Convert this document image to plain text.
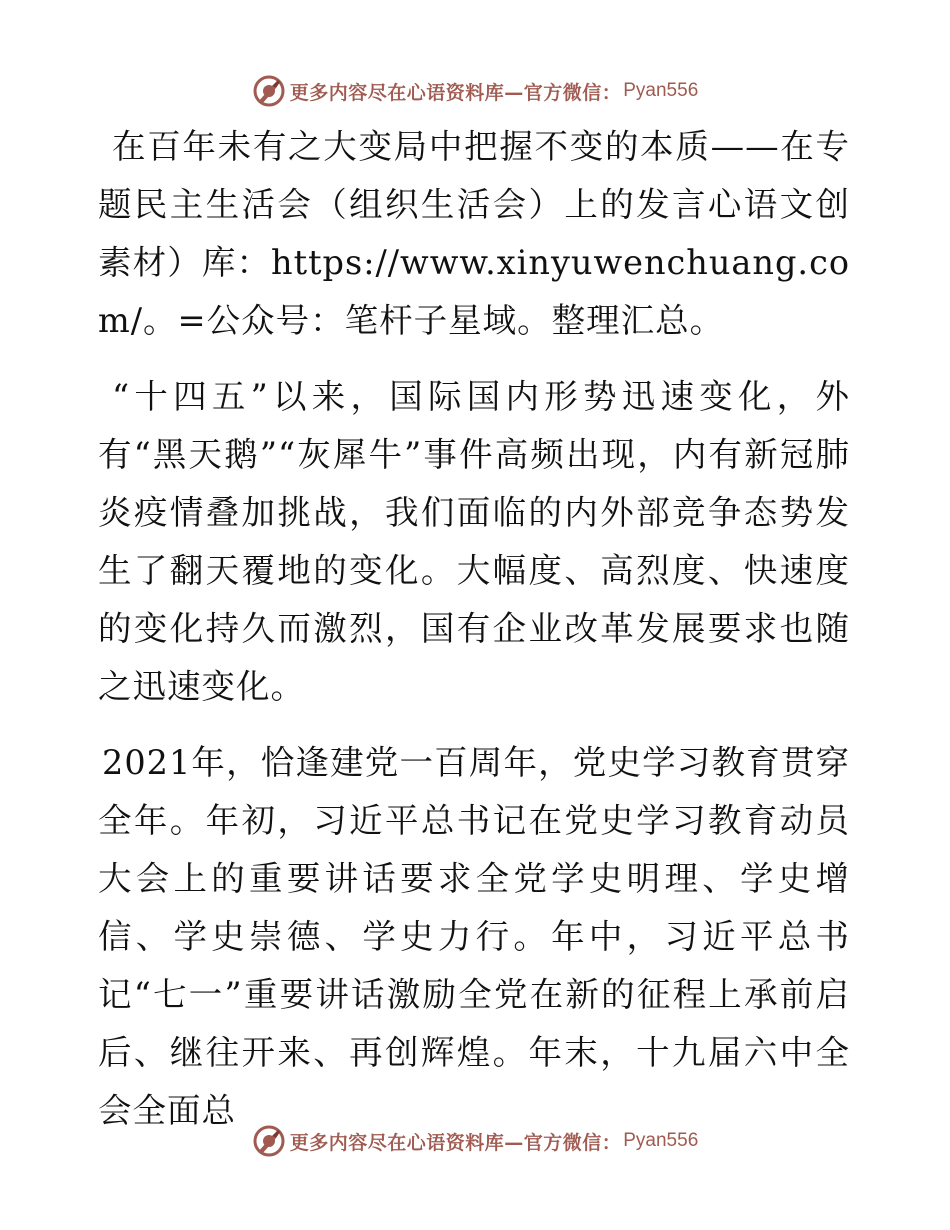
更多内容尽在心语资料库—官方微信： Pyan556

在百年未有之大变局中把握不变的本质——在专题民主生活会（组织生活会）上的发言心语文创素材）库：https://www.xinyuwenchuang.com/。=公众号：笔杆子星域。整理汇总。

“十四五”以来，国际国内形势迅速变化，外有“黑天鹅”“灰犀牛”事件高频出现，内有新冠肺炎疫情叠加挑战，我们面临的内外部竞争态势发生了翻天覆地的变化。大幅度、高烈度、快速度的变化持久而激烈，国有企业改革发展要求也随之迅速变化。

2021年，恰逢建党一百周年，党史学习教育贯穿全年。年初，习近平总书记在党史学习教育动员大会上的重要讲话要求全党学史明理、学史增信、学史崇德、学史力行。年中，习近平总书记“七一”重要讲话激励全党在新的征程上承前启后、继往开来、再创辉煌。年末，十九届六中全会全面总

更多内容尽在心语资料库—官方微信： Pyan556
